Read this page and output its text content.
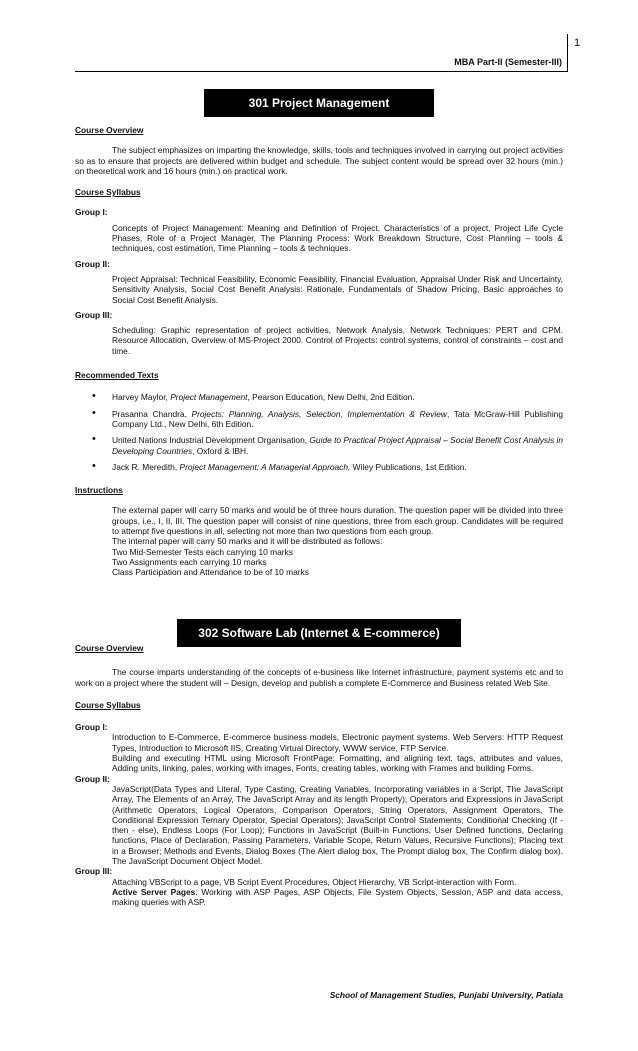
1
MBA Part-II (Semester-III)
301 Project Management

Course Overview

The subject emphasizes on imparting the knowledge, skills, tools and techniques involved in carrying out project activities so as to ensure that projects are delivered within budget and schedule. The subject content would be spread over 32 hours (min.) on theoretical work and 16 hours (min.) on practical work.

Course Syllabus

Group I:

Concepts of Project Management: Meaning and Definition of Project, Characteristics of a project, Project Life Cycle Phases, Role of a Project Manager, The Planning Process: Work Breakdown Structure, Cost Planning – tools & techniques, cost estimation, Time Planning – tools & techniques.

Group II:

Project Appraisal: Technical Feasibility, Economic Feasibility, Financial Evaluation, Appraisal Under Risk and Uncertainty, Sensitivity Analysis, Social Cost Benefit Analysis: Rationale, Fundamentals of Shadow Pricing, Basic approaches to Social Cost Benefit Analysis.

Group III:

Scheduling: Graphic representation of project activities, Network Analysis, Network Techniques: PERT and CPM. Resource Allocation, Overview of MS-Project 2000. Control of Projects: control systems, control of constraints – cost and time.

Recommended Texts

• Harvey Maylor, Project Management, Pearson Education, New Delhi, 2nd Edition.
• Prasanna Chandra, Projects: Planning, Analysis, Selection, Implementation & Review, Tata McGraw-Hill Publishing Company Ltd., New Delhi, 6th Edition.
• United Nations Industrial Development Organisation, Guide to Practical Project Appraisal – Social Benefit Cost Analysis in Developing Countries, Oxford & IBH.
• Jack R. Meredith, Project Management: A Managerial Approach, Wiley Publications, 1st Edition.

Instructions

The external paper will carry 50 marks and would be of three hours duration. The question paper will be divided into three groups, i.e., I, II, III. The question paper will consist of nine questions, three from each group. Candidates will be required to attempt five questions in all, selecting not more than two questions from each group.

The internal paper will carry 50 marks and it will be distributed as follows:

Two Mid-Semester Tests each carrying 10 marks

Two Assignments each carrying 10 marks

Class Participation and Attendance to be of 10 marks

302 Software Lab (Internet & E-commerce)

Course Overview

The course imparts understanding of the concepts of e-business like Internet infrastructure, payment systems etc and to work on a project where the student will – Design, develop and publish a complete E-Commerce and Business related Web Site.

Course Syllabus

Group I:

Introduction to E-Commerce, E-commerce business models, Electronic payment systems. Web Servers: HTTP Request Types, Introduction to Microsoft IIS, Creating Virtual Directory, WWW service, FTP Service.

Building and executing HTML using Microsoft FrontPage: Formatting, and aligning text, tags, attributes and values, Adding units, linking, pales, working with images, Fonts, creating tables, working with Frames and building Forms.

Group II:

JavaScript(Data Types and Literal, Type Casting, Creating Variables, Incorporating variables in a Script, The JavaScript Array, The Elements of an Array, The JavaScript Array and its length Property); Operators and Expressions in JavaScript (Arithmetic Operators, Logical Operators, Comparison Operators, String Operators, Assignment Operators, The Conditional Expression Ternary Operator, Special Operators); JavaScript Control Statements; Conditional Checking (If - then - else), Endless Loops (For Loop); Functions in JavaScript (Built-in Functions, User Defined functions, Declaring functions, Place of Declaration, Passing Parameters, Variable Scope, Return Values, Recursive Functions); Placing text in a Browser; Methods and Events, Dialog Boxes (The Alert dialog box, The Prompt dialog box, The Confirm dialog box). The JavaScript Document Object Model.

Group III:

Attaching VBScript to a page, VB Script Event Procedures, Object Hierarchy, VB Script-interaction with Form.

Active Server Pages: Working with ASP Pages, ASP Objects, File System Objects, Session, ASP and data access, making queries with ASP.

School of Management Studies, Punjabi University, Patiala
